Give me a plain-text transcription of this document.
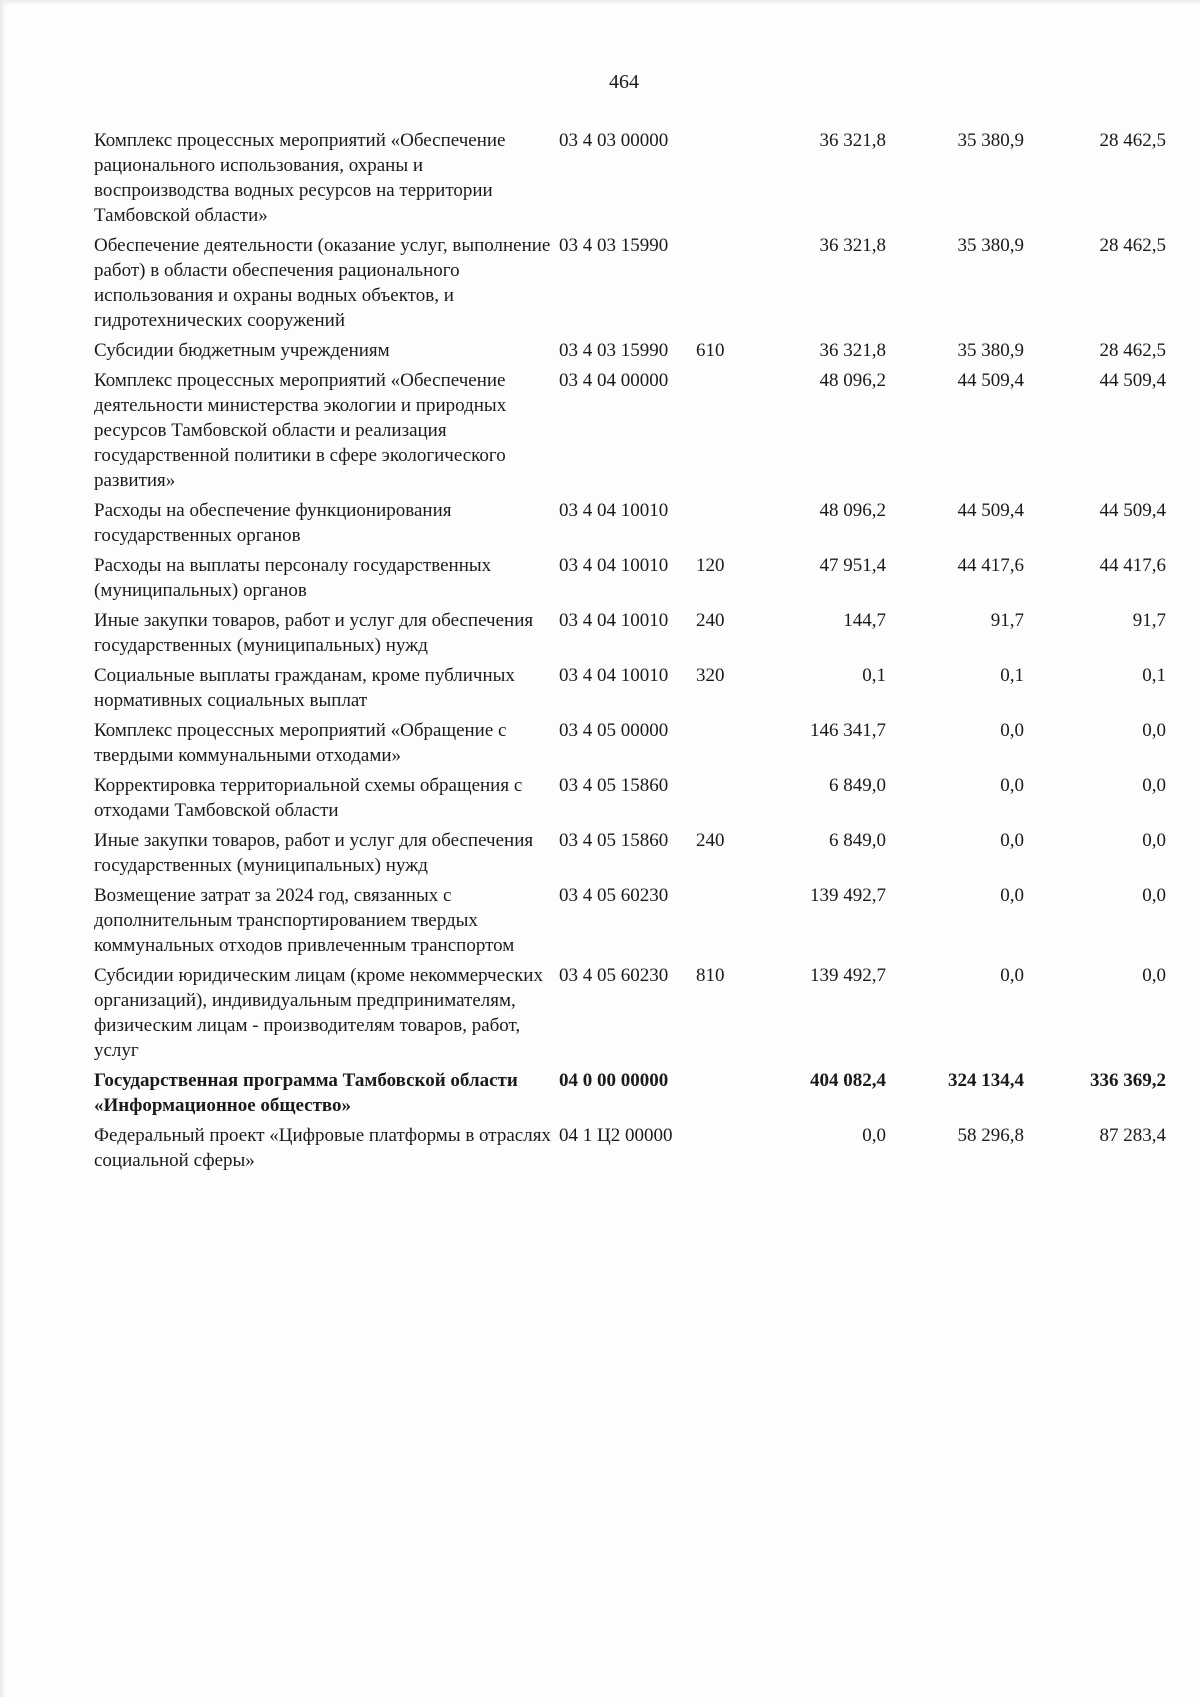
464
Комплекс процессных мероприятий «Обеспечение рационального использования, охраны и воспроизводства водных ресурсов на территории Тамбовской области»	03 4 03 00000		36 321,8	35 380,9	28 462,5
Обеспечение деятельности (оказание услуг, выполнение работ) в области обеспечения рационального использования и охраны водных объектов, и гидротехнических сооружений	03 4 03 15990		36 321,8	35 380,9	28 462,5
Субсидии бюджетным учреждениям	03 4 03 15990	610	36 321,8	35 380,9	28 462,5
Комплекс процессных мероприятий «Обеспечение деятельности министерства экологии и природных ресурсов Тамбовской области и реализация государственной политики в сфере экологического развития»	03 4 04 00000		48 096,2	44 509,4	44 509,4
Расходы на обеспечение функционирования государственных органов	03 4 04 10010		48 096,2	44 509,4	44 509,4
Расходы на выплаты персоналу государственных (муниципальных) органов	03 4 04 10010	120	47 951,4	44 417,6	44 417,6
Иные закупки товаров, работ и услуг для обеспечения государственных (муниципальных) нужд	03 4 04 10010	240	144,7	91,7	91,7
Социальные выплаты гражданам, кроме публичных нормативных социальных выплат	03 4 04 10010	320	0,1	0,1	0,1
Комплекс процессных мероприятий «Обращение с твердыми коммунальными отходами»	03 4 05 00000		146 341,7	0,0	0,0
Корректировка территориальной схемы обращения с отходами Тамбовской области	03 4 05 15860		6 849,0	0,0	0,0
Иные закупки товаров, работ и услуг для обеспечения государственных (муниципальных) нужд	03 4 05 15860	240	6 849,0	0,0	0,0
Возмещение затрат за 2024 год, связанных с дополнительным транспортированием твердых коммунальных отходов привлеченным транспортом	03 4 05 60230		139 492,7	0,0	0,0
Субсидии юридическим лицам (кроме некоммерческих организаций), индивидуальным предпринимателям, физическим лицам - производителям товаров, работ, услуг	03 4 05 60230	810	139 492,7	0,0	0,0
Государственная программа Тамбовской области «Информационное общество»	04 0 00 00000		404 082,4	324 134,4	336 369,2
Федеральный проект «Цифровые платформы в отраслях социальной сферы»	04 1 Ц2 00000		0,0	58 296,8	87 283,4
